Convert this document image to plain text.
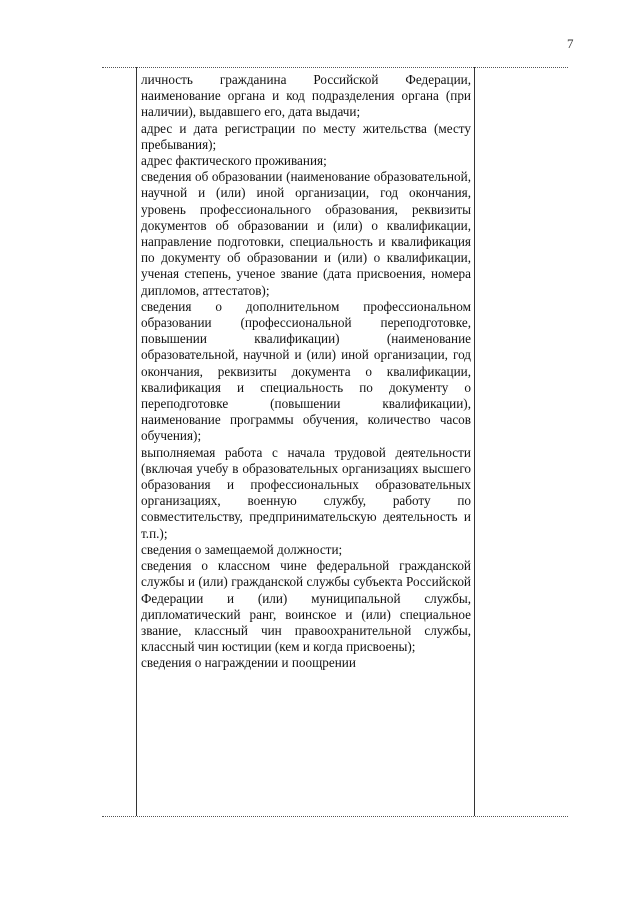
7
личность гражданина Российской Федерации, наименование органа и код подразделения органа (при наличии), выдавшего его, дата выдачи;
адрес и дата регистрации по месту жительства (месту пребывания);
адрес фактического проживания;
сведения об образовании (наименование образовательной, научной и (или) иной организации, год окончания, уровень профессионального образования, реквизиты документов об образовании и (или) о квалификации, направление подготовки, специальность и квалификация по документу об образовании и (или) о квалификации, ученая степень, ученое звание (дата присвоения, номера дипломов, аттестатов);
сведения о дополнительном профессиональном образовании (профессиональной переподготовке, повышении квалификации) (наименование образовательной, научной и (или) иной организации, год окончания, реквизиты документа о квалификации, квалификация и специальность по документу о переподготовке (повышении квалификации), наименование программы обучения, количество часов обучения);
выполняемая работа с начала трудовой деятельности (включая учебу в образовательных организациях высшего образования и профессиональных образовательных организациях, военную службу, работу по совместительству, предпринимательскую деятельность и т.п.);
сведения о замещаемой должности;
сведения о классном чине федеральной гражданской службы и (или) гражданской службы субъекта Российской Федерации и (или) муниципальной службы, дипломатический ранг, воинское и (или) специальное звание, классный чин правоохранительной службы, классный чин юстиции (кем и когда присвоены);
сведения о награждении и поощрении
